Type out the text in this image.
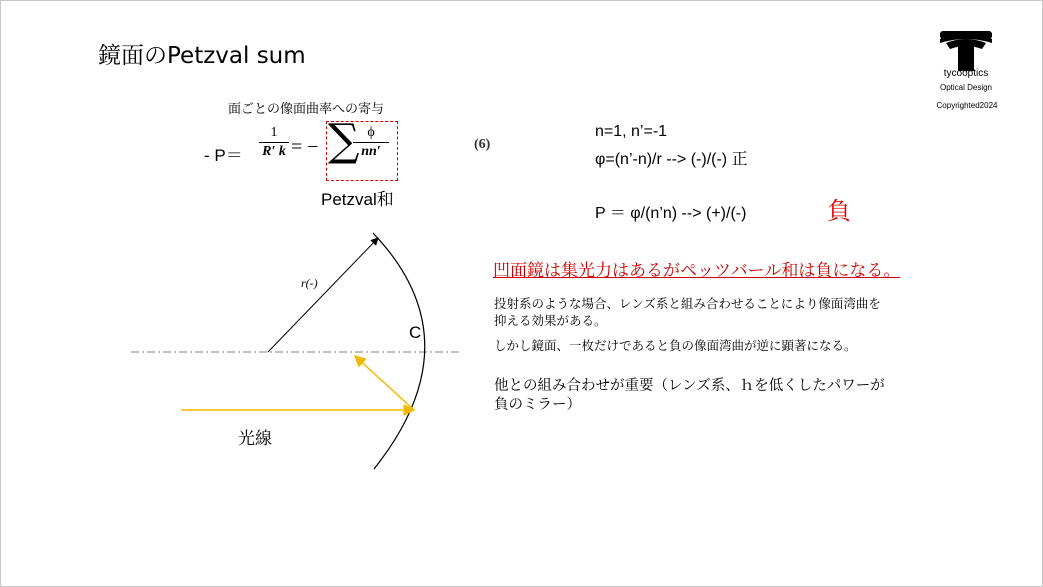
鏡面のPetzval sum
tycooptics
Optical Design
Copyrighted2024
面ごとの像面曲率への寄与
- P＝
1
R′ k = − ∑ ϕ
nn′	(6)
Petzval和
n=1, n’=-1
φ=(n’-n)/r --> (-)/(-) 正
P ＝ φ/(n’n) --> (+)/(-)	負
凹面鏡は集光力はあるがペッツバール和は負になる。
投射系のような場合、レンズ系と組み合わせることにより像面湾曲を
抑える効果がある。
しかし鏡面、一枚だけであると負の像面湾曲が逆に顕著になる。
他との組み合わせが重要（レンズ系、ｈを低くしたパワーが
負のミラー）
r(-)
C
光線
